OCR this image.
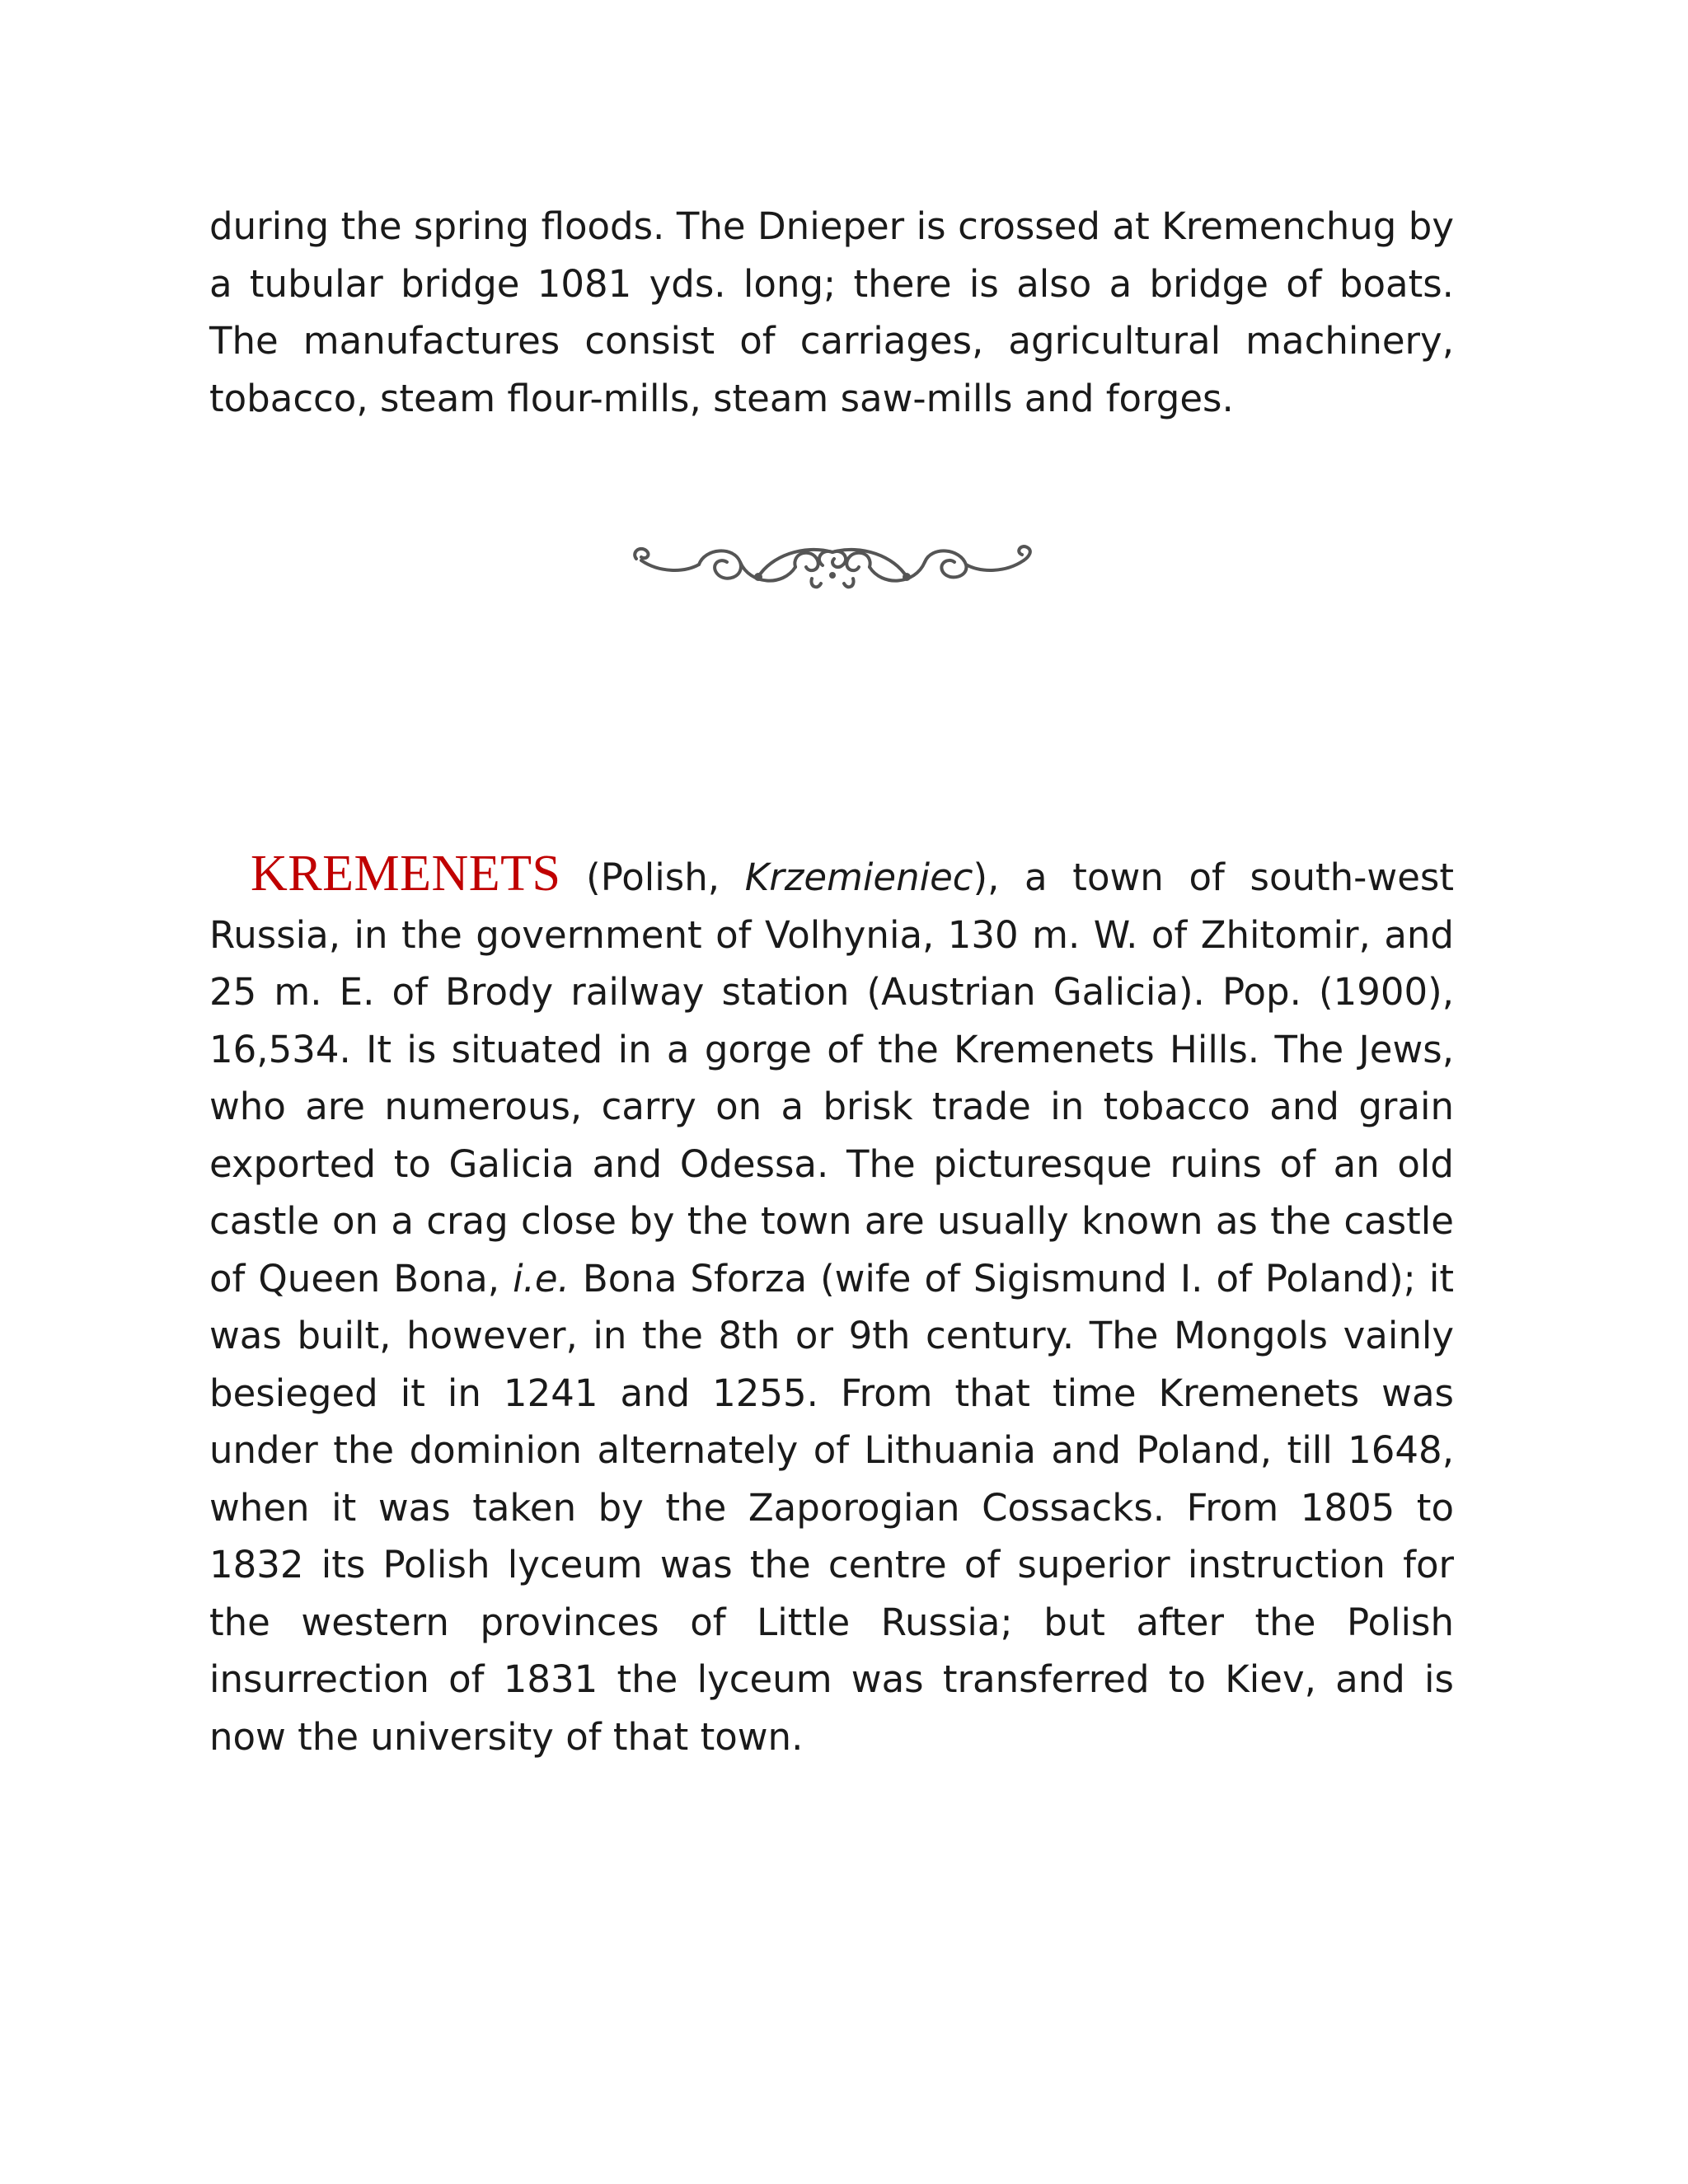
during the spring floods. The Dnieper is crossed at Kremenchug by a tubular bridge 1081 yds. long; there is also a bridge of boats. The manufactures consist of carriages, agricultural machinery, tobacco, steam flour-mills, steam saw-mills and forges.

KREMENETS (Polish, Krzemieniec), a town of south-west Russia, in the government of Volhynia, 130 m. W. of Zhitomir, and 25 m. E. of Brody railway station (Austrian Galicia). Pop. (1900), 16,534. It is situated in a gorge of the Kremenets Hills. The Jews, who are numerous, carry on a brisk trade in tobacco and grain exported to Galicia and Odessa. The picturesque ruins of an old castle on a crag close by the town are usually known as the castle of Queen Bona, i.e. Bona Sforza (wife of Sigismund I. of Poland); it was built, however, in the 8th or 9th century. The Mongols vainly besieged it in 1241 and 1255. From that time Kremenets was under the dominion alternately of Lithuania and Poland, till 1648, when it was taken by the Zaporogian Cossacks. From 1805 to 1832 its Polish lyceum was the centre of superior instruction for the western provinces of Little Russia; but after the Polish insurrection of 1831 the lyceum was transferred to Kiev, and is now the university of that town.
